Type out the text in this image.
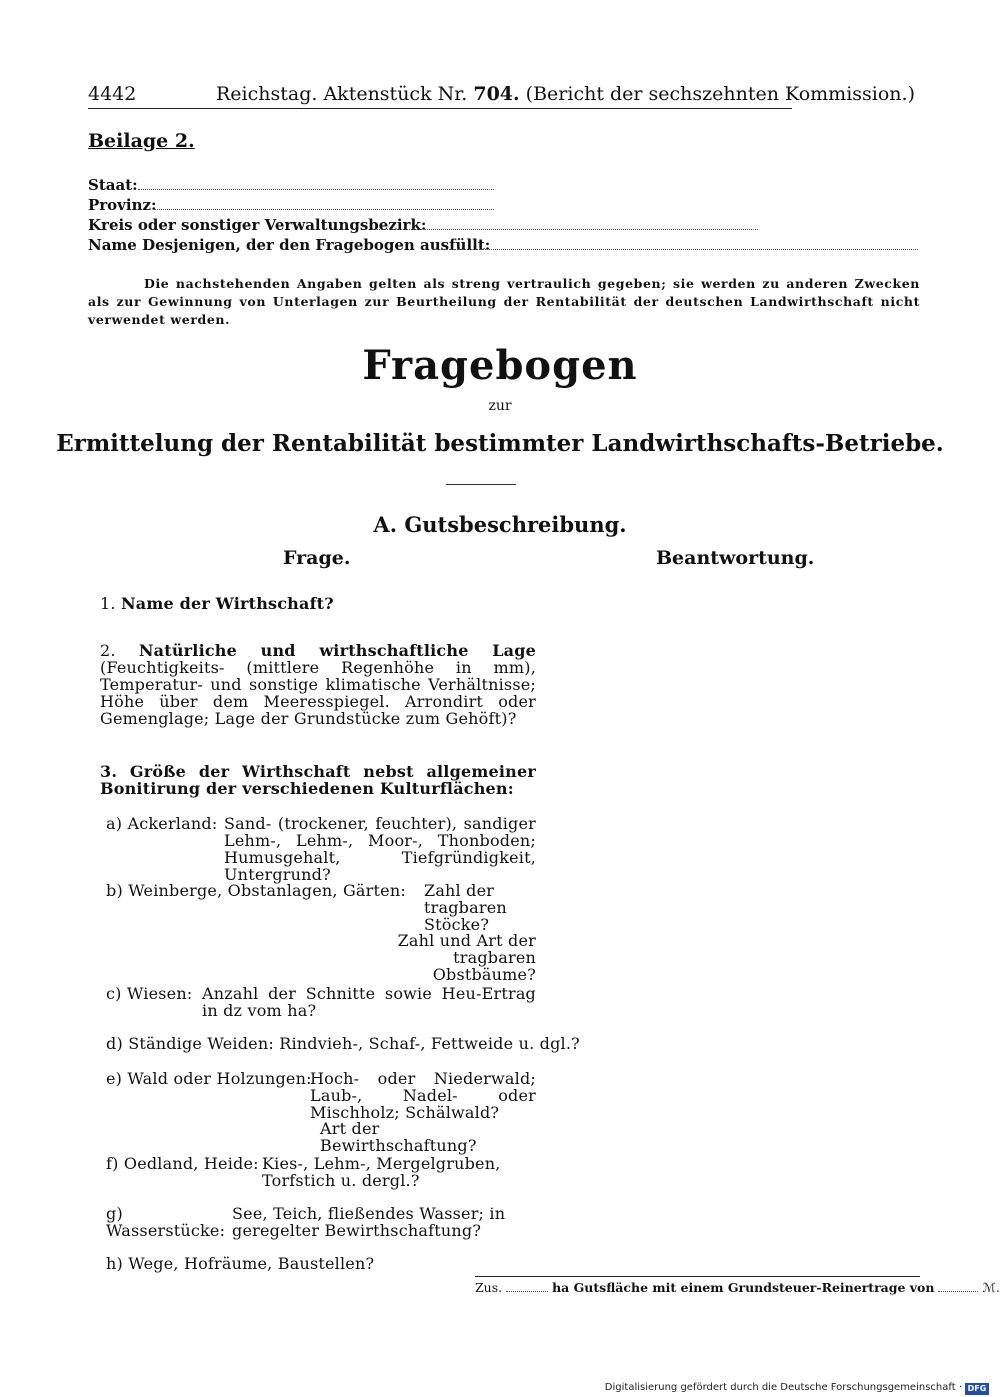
4442	Reichstag. Aktenstück Nr. 704. (Bericht der sechszehnten Kommission.)
Beilage 2.
Staat:
Provinz:
Kreis oder sonstiger Verwaltungsbezirk:
Name Desjenigen, der den Fragebogen ausfüllt:
Die nachstehenden Angaben gelten als streng vertraulich gegeben; sie werden zu anderen Zwecken als zur Gewinnung von Unterlagen zur Beurtheilung der Rentabilität der deutschen Landwirthschaft nicht verwendet werden.
Fragebogen
zur
Ermittelung der Rentabilität bestimmter Landwirthschafts-Betriebe.
A. Gutsbeschreibung.
Frage.	Beantwortung.
1. Name der Wirthschaft?
2. Natürliche und wirthschaftliche Lage (Feuchtigkeits- (mittlere Regenhöhe in mm), Temperatur- und sonstige klimatische Verhältnisse; Höhe über dem Meeresspiegel. Arrondirt oder Gemenglage; Lage der Grundstücke zum Gehöft)?
3. Größe der Wirthschaft nebst allgemeiner Bonitirung der verschiedenen Kulturflächen:
a) Ackerland: Sand- (trockener, feuchter), sandiger Lehm-, Lehm-, Moor-, Thonboden; Humusgehalt, Tiefgründigkeit, Untergrund?
b) Weinberge, Obstanlagen, Gärten:	Zahl der tragbaren Stöcke?
Zahl und Art der tragbaren Obstbäume?
c) Wiesen: Anzahl der Schnitte sowie Heu-Ertrag in dz vom ha?
d) Ständige Weiden: Rindvieh-, Schaf-, Fettweide u. dgl.?
e) Wald oder Holzungen:
Hoch- oder Niederwald; Laub-, Nadel- oder Mischholz; Schälwald?
Art der Bewirthschaftung?
f) Oedland, Heide: Kies-, Lehm-, Mergelgruben, Torfstich u. dergl.?
g) Wasserstücke:
See, Teich, fließendes Wasser; in geregelter Bewirthschaftung?
h) Wege, Hofräume, Baustellen?
Zus.	ha Gutsfläche mit einem Grundsteuer-Reinertrage von	ℳ.
Digitalisierung gefördert durch die Deutsche Forschungsgemeinschaft · DFG
